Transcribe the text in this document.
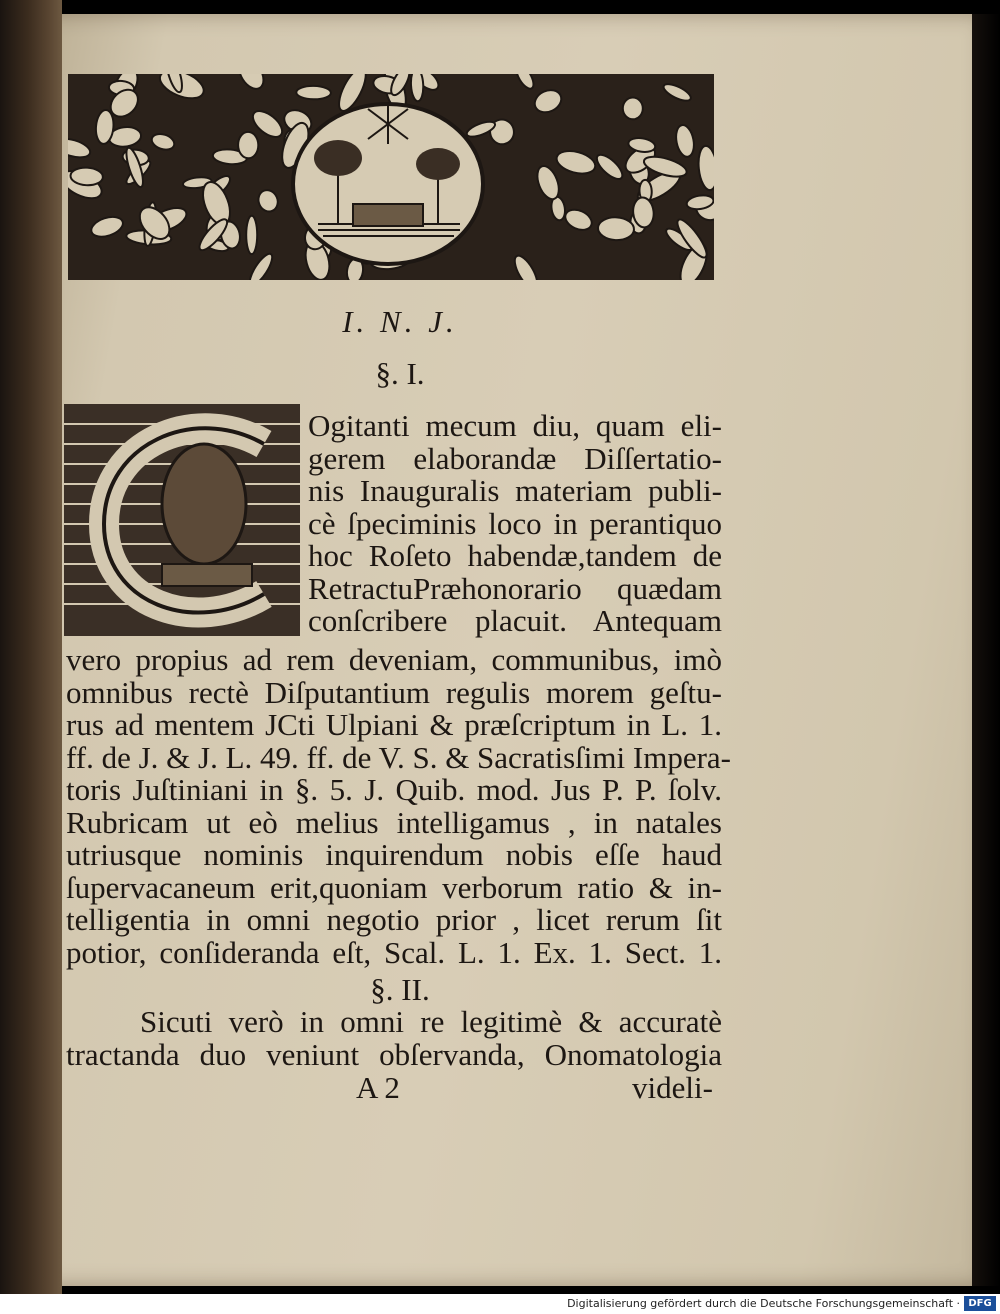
I. N. J.
§. I.
Ogitanti mecum diu, quam eli-
gerem elaborandæ Diſſertatio-
nis Inauguralis materiam publi-
cè ſpeciminis loco in perantiquo
hoc Roſeto habendæ,tandem de
RetractuPræhonorario quædam
conſcribere placuit. Antequam
vero propius ad rem deveniam, communibus, imò
omnibus rectè Diſputantium regulis morem geſtu-
rus ad mentem JCti Ulpiani & præſcriptum in L. 1.
ff. de J. & J. L. 49. ff. de V. S. & Sacratisſimi Impera-
toris Juſtiniani in §. 5. J. Quib. mod. Jus P. P. ſolv.
Rubricam ut eò melius intelligamus , in natales
utriusque nominis inquirendum nobis eſſe haud
ſupervacaneum erit,quoniam verborum ratio & in-
telligentia in omni negotio prior , licet rerum ſit
potior, conſideranda eſt, Scal. L. 1. Ex. 1. Sect. 1.
§. II.
Sicuti verò in omni re legitimè & accuratè
tractanda duo veniunt obſervanda, Onomatologia
A 2	videli-
Digitalisierung gefördert durch die Deutsche Forschungsgemeinschaft · DFG
